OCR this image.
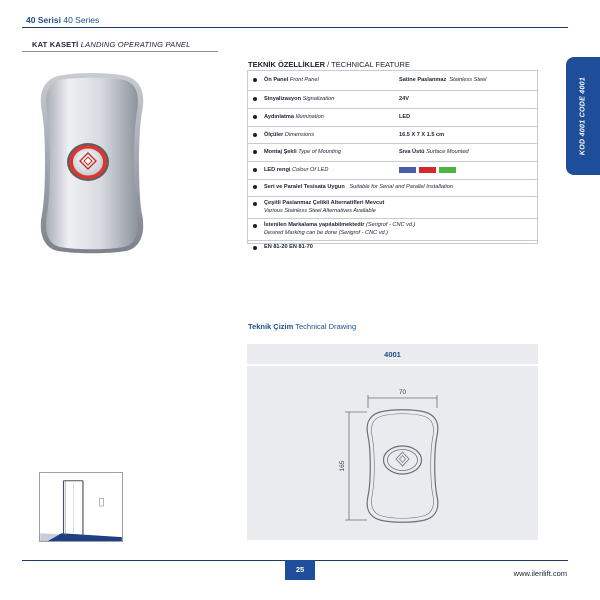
40 Serisi 40 Series
KAT KASETİ LANDING OPERATING PANEL
KOD 4001 CODE 4001
TEKNİK ÖZELLİKLER / TECHNICAL FEATURE
Ön Panel Front Panel	Satine Paslanmaz Stainless Steel
Sinyalizasyon Signalization	24V
Aydınlatma Illumination	LED
Ölçüler Dimensions	16.5 X 7 X 1.5 cm
Montaj Şekli Type of Mounting	Sıva Üstü Surface Mounted
LED rengi Colour Of LED	
Seri ve Paralel Tesisata Uygun Suitable for Serial and Parallel Installation	
Çeşitli Paslanmaz Çelikli Alternatifleri Mevcut
Various Stainless Steel Alternatives Available	
İstenilen Markalama yapılabilmektedir (Serigrof - CNC vd.)
Desired Marking can be done (Serigrof - CNC vd.)	
EN 81-20 EN 81-70	
Teknik Çizim Technical Drawing
4001
70
165
25	www.ilerilift.com
